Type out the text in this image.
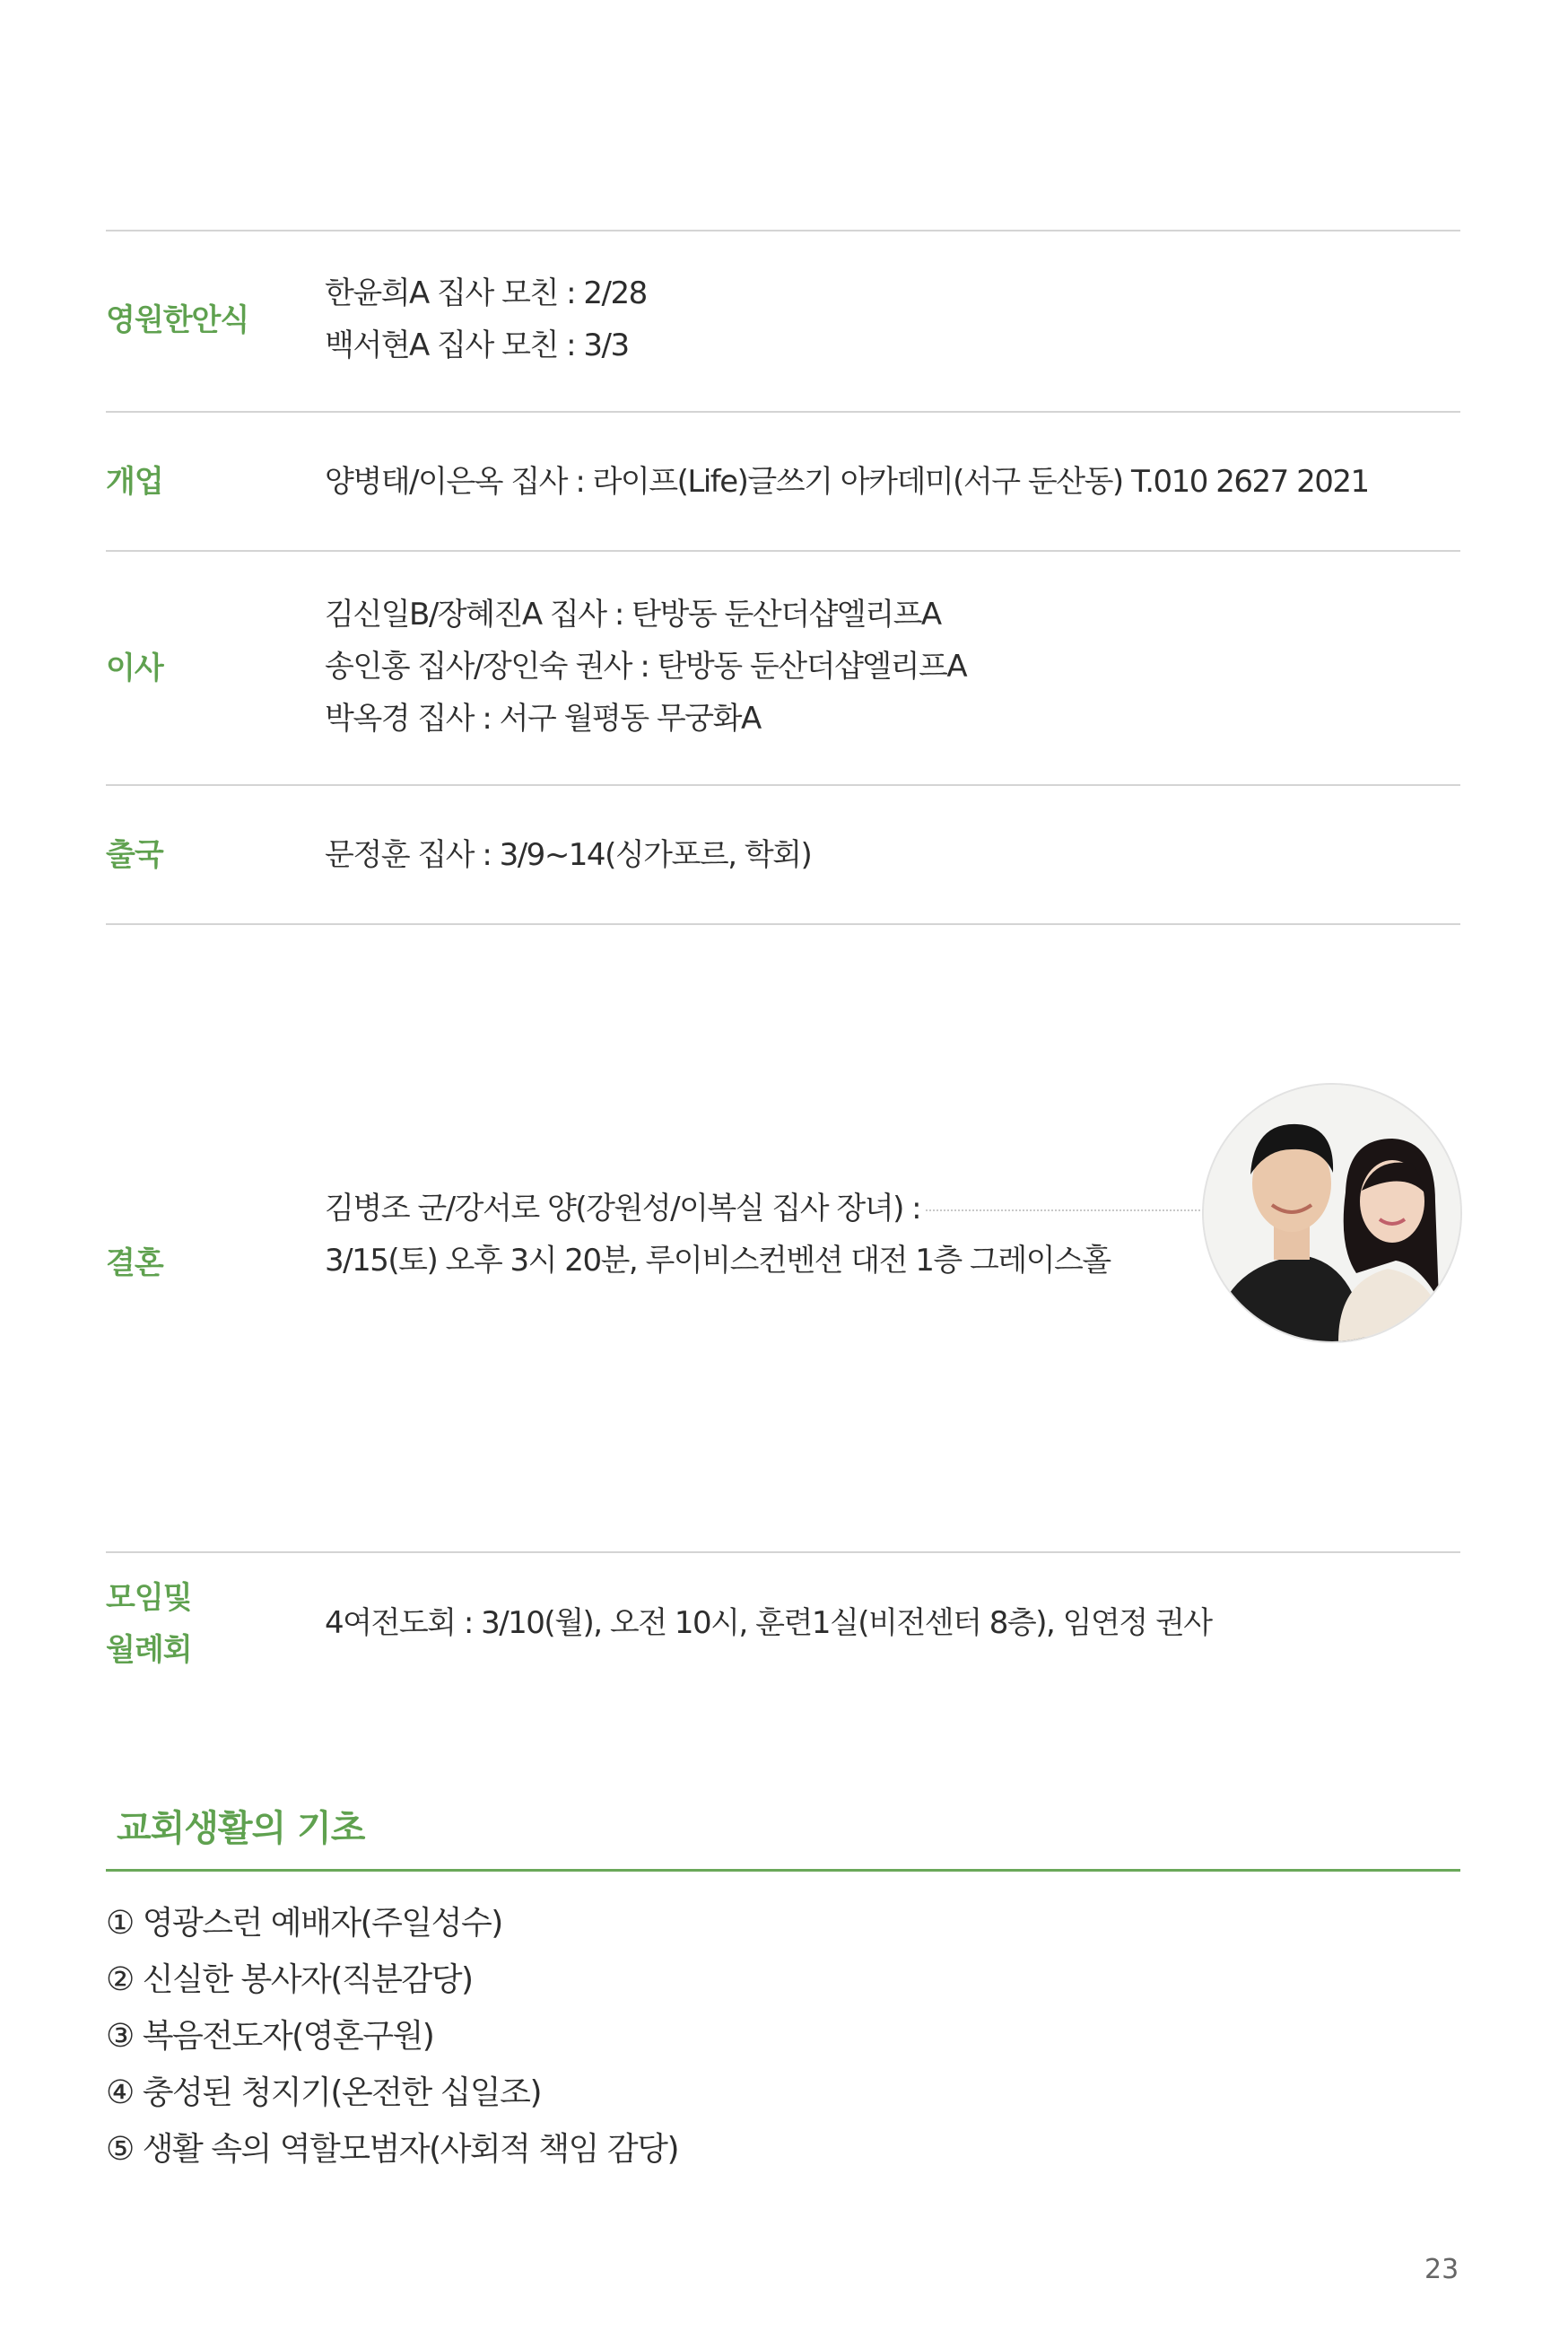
영원한안식
한윤희A 집사 모친 : 2/28
백서현A 집사 모친 : 3/3
개업	양병태/이은옥 집사 : 라이프(Life)글쓰기 아카데미(서구 둔산동) T.010 2627 2021
이사
김신일B/장혜진A 집사 : 탄방동 둔산더샵엘리프A
송인홍 집사/장인숙 권사 : 탄방동 둔산더샵엘리프A
박옥경 집사 : 서구 월평동 무궁화A
출국	문정훈 집사 : 3/9~14(싱가포르, 학회)
결혼
김병조 군/강서로 양(강원성/이복실 집사 장녀) :
3/15(토) 오후 3시 20분, 루이비스컨벤션 대전 1층 그레이스홀
모임및
월례회
4여전도회 : 3/10(월), 오전 10시, 훈련1실(비전센터 8층), 임연정 권사
교회생활의 기초
① 영광스런 예배자(주일성수)
② 신실한 봉사자(직분감당)
③ 복음전도자(영혼구원)
④ 충성된 청지기(온전한 십일조)
⑤ 생활 속의 역할모범자(사회적 책임 감당)
23
